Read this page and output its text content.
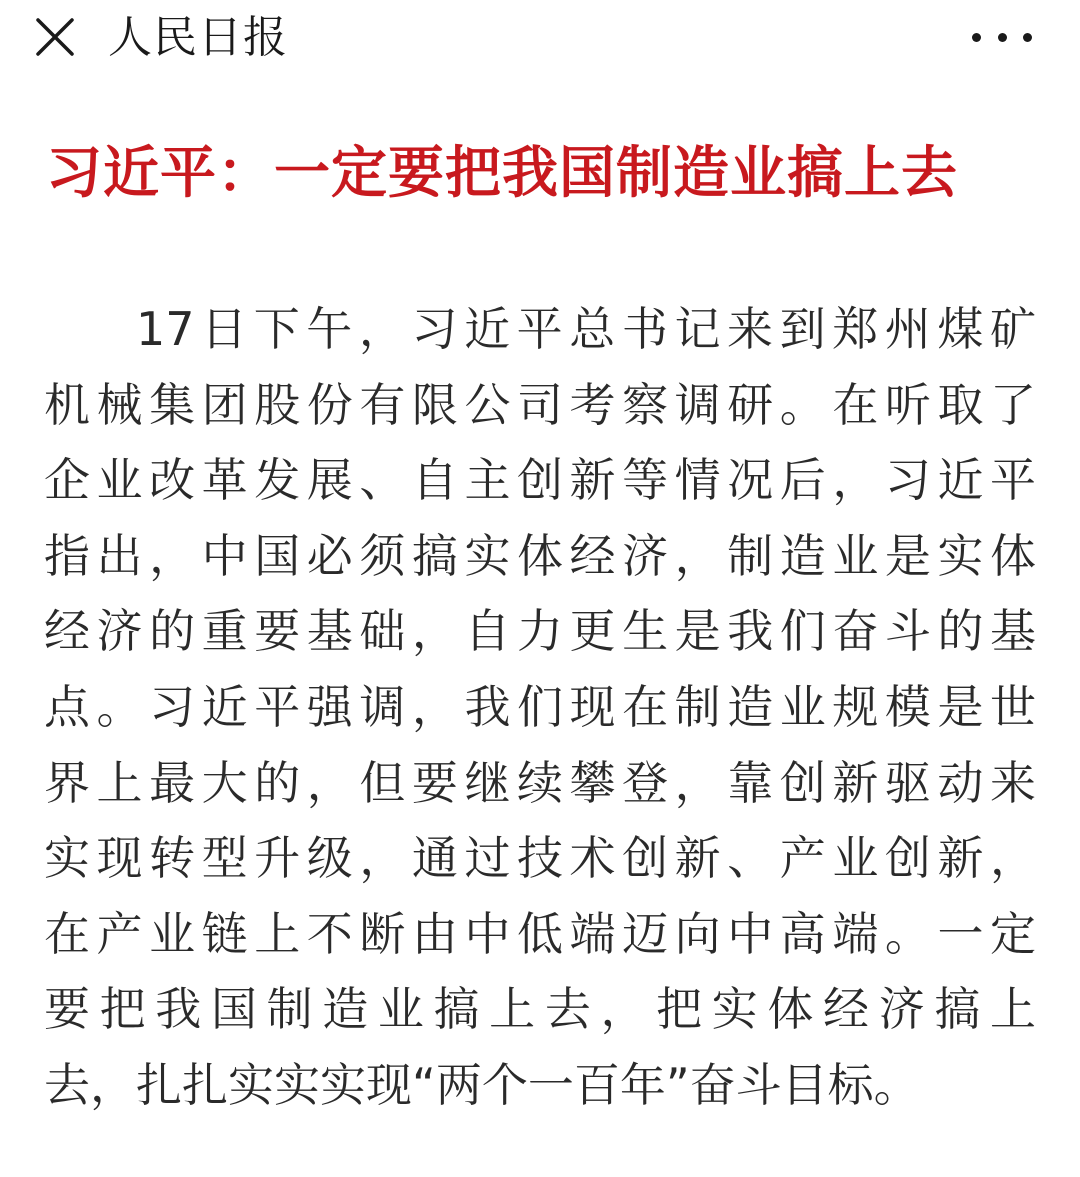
人民日报
习近平：一定要把我国制造业搞上去
17日下午，习近平总书记来到郑州煤矿
机械集团股份有限公司考察调研。在听取了
企业改革发展、自主创新等情况后，习近平
指出，中国必须搞实体经济，制造业是实体
经济的重要基础，自力更生是我们奋斗的基
点。习近平强调，我们现在制造业规模是世
界上最大的，但要继续攀登，靠创新驱动来
实现转型升级，通过技术创新、产业创新，
在产业链上不断由中低端迈向中高端。一定
要把我国制造业搞上去，把实体经济搞上
去，扎扎实实实现“两个一百年”奋斗目标。
